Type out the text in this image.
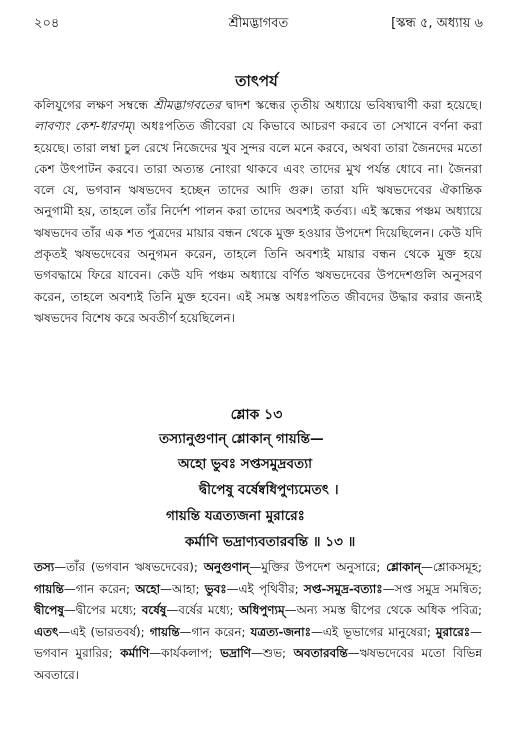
২০৪	শ্রীমদ্ভাগবত	[স্কন্ধ ৫, অধ্যায় ৬
তাৎপর্য

কলিযুগের লক্ষণ সম্বন্ধে শ্রীমদ্ভাগবতের দ্বাদশ স্কন্ধের তৃতীয় অধ্যায়ে ভবিষ্যদ্বাণী করা হয়েছে। লাবণ্যং কেশ-ধারণম্। অধঃপতিত জীবেরা যে কিভাবে আচরণ করবে তা সেখানে বর্ণনা করা হয়েছে। তারা লম্বা চুল রেখে নিজেদের খুব সুন্দর বলে মনে করবে, অথবা তারা জৈনদের মতো কেশ উৎপাটন করবে। তারা অত্যন্ত নোংরা থাকবে এবং তাদের মুখ পর্যন্ত ধোবে না। জৈনরা বলে যে, ভগবান ঋষভদেব হচ্ছেন তাদের আদি গুরু। তারা যদি ঋষভদেবের ঐকান্তিক অনুগামী হয়, তাহলে তাঁর নির্দেশ পালন করা তাদের অবশ্যই কর্তব্য। এই স্কন্ধের পঞ্চম অধ্যায়ে ঋষভদেব তাঁর এক শত পুত্রদের মায়ার বন্ধন থেকে মুক্ত হওয়ার উপদেশ দিয়েছিলেন। কেউ যদি প্রকৃতই ঋষভদেবের অনুগমন করেন, তাহলে তিনি অবশ্যই মায়ার বন্ধন থেকে মুক্ত হয়ে ভগবদ্ধামে ফিরে যাবেন। কেউ যদি পঞ্চম অধ্যায়ে বর্ণিত ঋষভদেবের উপদেশগুলি অনুসরণ করেন, তাহলে অবশ্যই তিনি মুক্ত হবেন। এই সমস্ত অধঃপতিত জীবদের উদ্ধার করার জন্যই ঋষভদেব বিশেষ করে অবতীর্ণ হয়েছিলেন।

শ্লোক ১৩
তস্যানুগুণান্ শ্লোকান্ গায়ন্তি—
অহো ভুবঃ সপ্তসমুদ্রবত্যা
দ্বীপেষু বর্ষেষ্বধিপুণ্যমেতৎ ।
গায়ন্তি যত্রত্যজনা মুরারেঃ
কর্মাণি ভদ্রাণ্যবতারবন্তি ॥ ১৩ ॥

তস্য—তাঁর (ভগবান ঋষভদেবের); অনুগুণান্—মুক্তির উপদেশ অনুসারে; শ্লোকান্—শ্লোকসমূহ; গায়ন্তি—গান করেন; অহো—আহা; ভুবঃ—এই পৃথিবীর; সপ্ত-সমুদ্র-বত্যাঃ—সপ্ত সমুদ্র সমন্বিত; দ্বীপেষু—দ্বীপের মধ্যে; বর্ষেষু—বর্ষের মধ্যে; অধিপুণ্যম্—অন্য সমস্ত দ্বীপের থেকে অধিক পবিত্র; এতৎ—এই (ভারতবর্ষ); গায়ন্তি—গান করেন; যত্রত্য-জনাঃ—এই ভূভাগের মানুষেরা; মুরারেঃ—ভগবান মুরারির; কর্মাণি—কার্যকলাপ; ভদ্রাণি—শুভ; অবতারবন্তি—ঋষভদেবের মতো বিভিন্ন অবতারে।
